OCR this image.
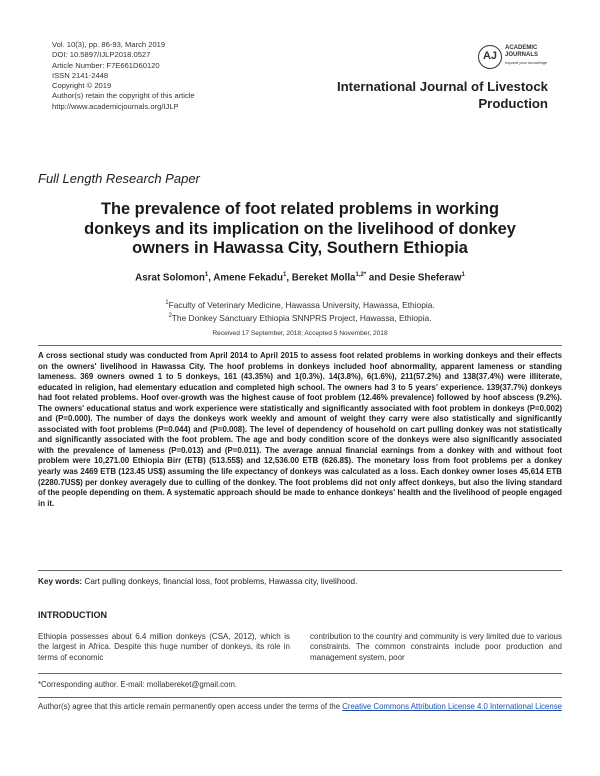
Vol. 10(3), pp. 86-93, March 2019
DOI: 10.5897/IJLP2018.0527
Article Number: F7E661D60120
ISSN 2141-2448
Copyright © 2019
Author(s) retain the copyright of this article
http://www.academicjournals.org/IJLP
AJ
ACADEMIC
JOURNALS
expand your knowledge
International Journal of Livestock
Production
Full Length Research Paper
The prevalence of foot related problems in working
donkeys and its implication on the livelihood of donkey
owners in Hawassa City, Southern Ethiopia
Asrat Solomon$^1$, Amene Fekadu$^1$, Bereket Molla$^{1,2*}$ and Desie Sheferaw$^1$
$^1$Faculty of Veterinary Medicine, Hawassa University, Hawassa, Ethiopia.
$^2$The Donkey Sanctuary Ethiopia SNNPRS Project, Hawassa, Ethiopia.
Received 17 September, 2018; Accepted 5 November, 2018
A cross sectional study was conducted from April 2014 to April 2015 to assess foot related problems in working donkeys and their effects on the owners' livelihood in Hawassa City. The hoof problems in donkeys included hoof abnormality, apparent lameness or standing lameness. 369 owners owned 1 to 5 donkeys, 161 (43.35%) and 1(0.3%). 14(3.8%), 6(1.6%), 211(57.2%) and 138(37.4%) were illiterate, educated in religion, had elementary education and completed high school. The owners had 3 to 5 years' experience. 139(37.7%) donkeys had foot related problems. Hoof over-growth was the highest cause of foot problem (12.46% prevalence) followed by hoof abscess (9.2%). The owners' educational status and work experience were statistically and significantly associated with foot problem in donkeys (P=0.002) and (P=0.000). The number of days the donkeys work weekly and amount of weight they carry were also statistically and significantly associated with foot problems (P=0.044) and (P=0.008). The level of dependency of household on cart pulling donkey was not statistically and significantly associated with the foot problem. The age and body condition score of the donkeys were also significantly associated with the prevalence of lameness (P=0.013) and (P=0.011). The average annual financial earnings from a donkey with and without foot problem were 10,271.00 Ethiopia Birr (ETB) (513.55$) and 12,536.00 ETB (626.8$). The monetary loss from foot problems per a donkey yearly was 2469 ETB (123.45 US$) assuming the life expectancy of donkeys was calculated as a loss. Each donkey owner loses 45,614 ETB (2280.7US$) per donkey averagely due to culling of the donkey. The foot problems did not only affect donkeys, but also the living standard of the people depending on them. A systematic approach should be made to enhance donkeys' health and the livelihood of people engaged in it.
Key words: Cart pulling donkeys, financial loss, foot problems, Hawassa city, livelihood.
INTRODUCTION
Ethiopia possesses about 6.4 million donkeys (CSA, 2012), which is the largest in Africa. Despite this huge number of donkeys, its role in terms of economic
contribution to the country and community is very limited due to various constraints. The common constraints include poor production and management system, poor
*Corresponding author. E-mail: mollabereket@gmail.com.
Author(s) agree that this article remain permanently open access under the terms of the Creative Commons Attribution License 4.0 International License
